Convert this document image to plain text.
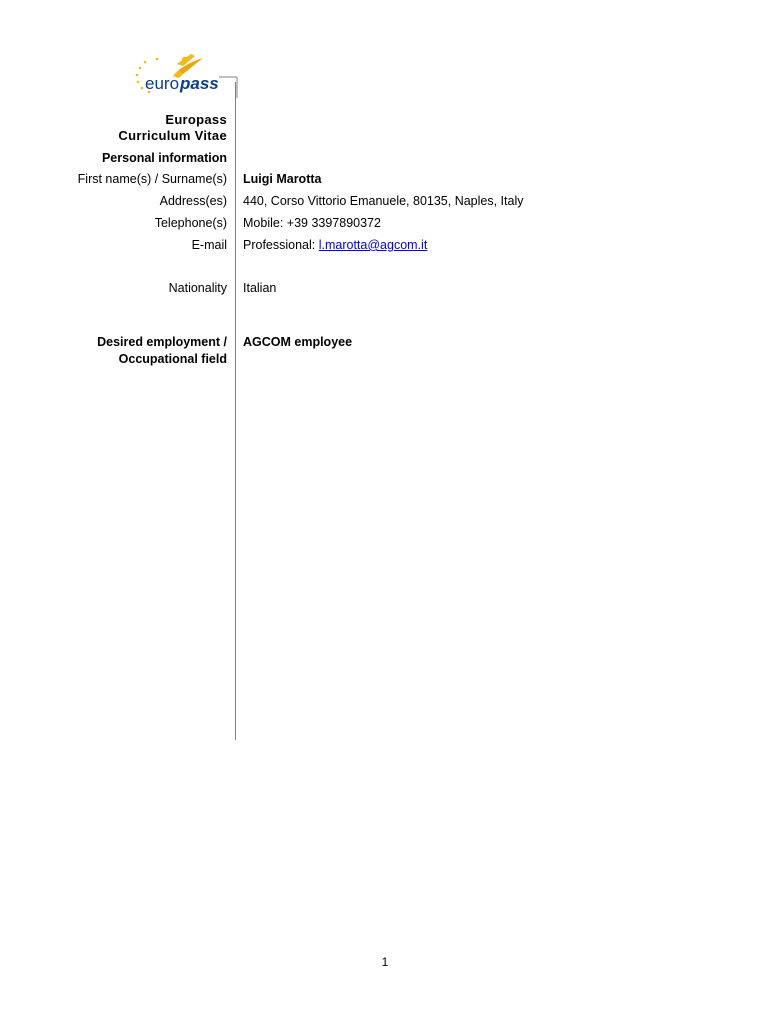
euro pass
Europass
Curriculum Vitae
Personal information
First name(s) / Surname(s) Luigi Marotta
Address(es) 440, Corso Vittorio Emanuele, 80135, Naples, Italy
Telephone(s) Mobile: +39 3397890372
E-mail Professional: l.marotta@agcom.it
Nationality Italian
Desired employment /
Occupational field
AGCOM employee
1
